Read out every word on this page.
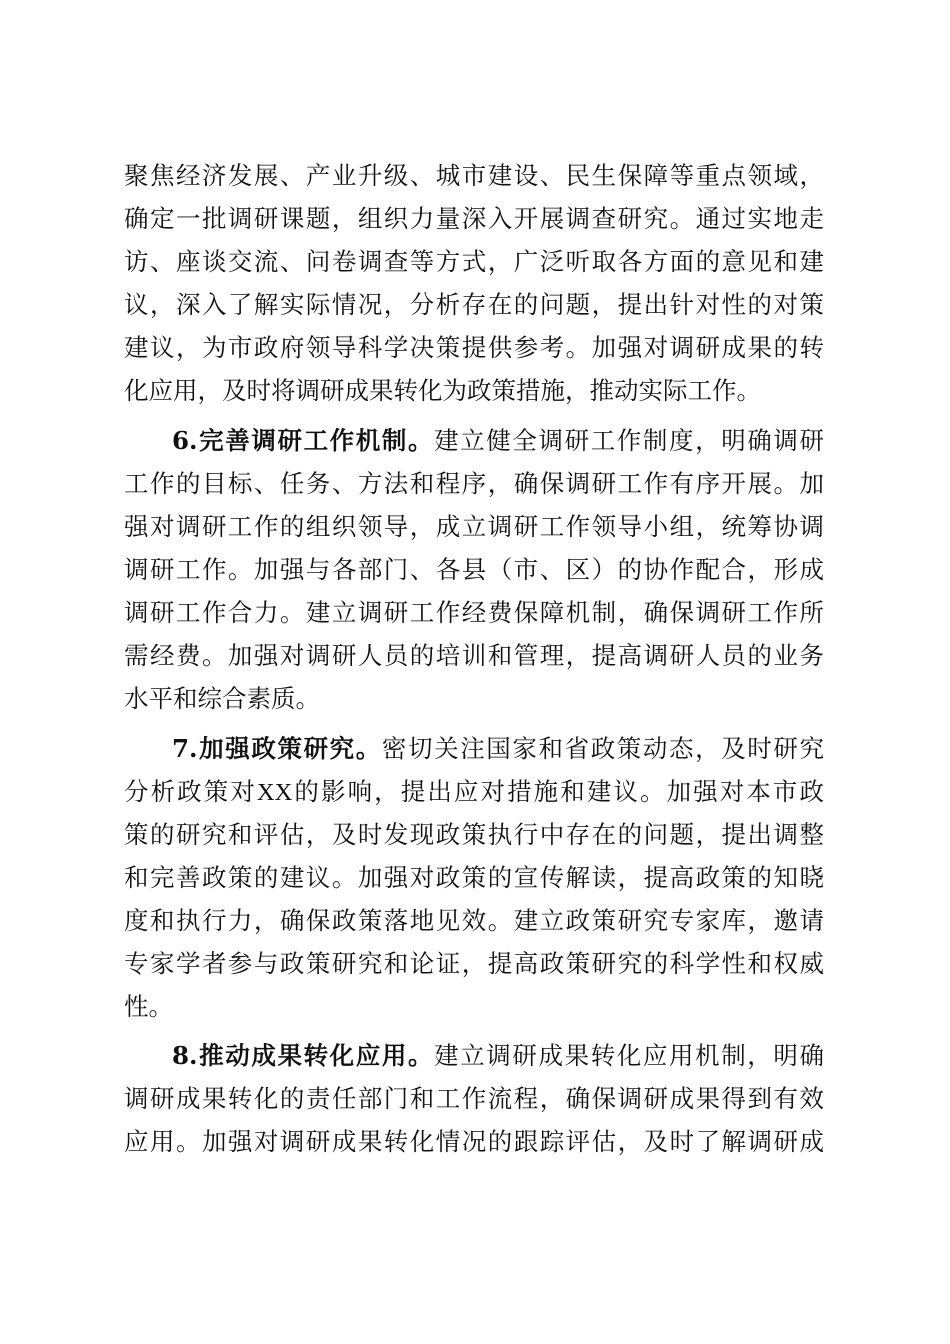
聚焦经济发展、产业升级、城市建设、民生保障等重点领域，
确定一批调研课题，组织力量深入开展调查研究。通过实地走
访、座谈交流、问卷调查等方式，广泛听取各方面的意见和建
议，深入了解实际情况，分析存在的问题，提出针对性的对策
建议，为市政府领导科学决策提供参考。加强对调研成果的转
化应用，及时将调研成果转化为政策措施，推动实际工作。
6.完善调研工作机制。建立健全调研工作制度，明确调研
工作的目标、任务、方法和程序，确保调研工作有序开展。加
强对调研工作的组织领导，成立调研工作领导小组，统筹协调
调研工作。加强与各部门、各县（市、区）的协作配合，形成
调研工作合力。建立调研工作经费保障机制，确保调研工作所
需经费。加强对调研人员的培训和管理，提高调研人员的业务
水平和综合素质。
7.加强政策研究。密切关注国家和省政策动态，及时研究
分析政策对XX的影响，提出应对措施和建议。加强对本市政
策的研究和评估，及时发现政策执行中存在的问题，提出调整
和完善政策的建议。加强对政策的宣传解读，提高政策的知晓
度和执行力，确保政策落地见效。建立政策研究专家库，邀请
专家学者参与政策研究和论证，提高政策研究的科学性和权威
性。
8.推动成果转化应用。建立调研成果转化应用机制，明确
调研成果转化的责任部门和工作流程，确保调研成果得到有效
应用。加强对调研成果转化情况的跟踪评估，及时了解调研成
